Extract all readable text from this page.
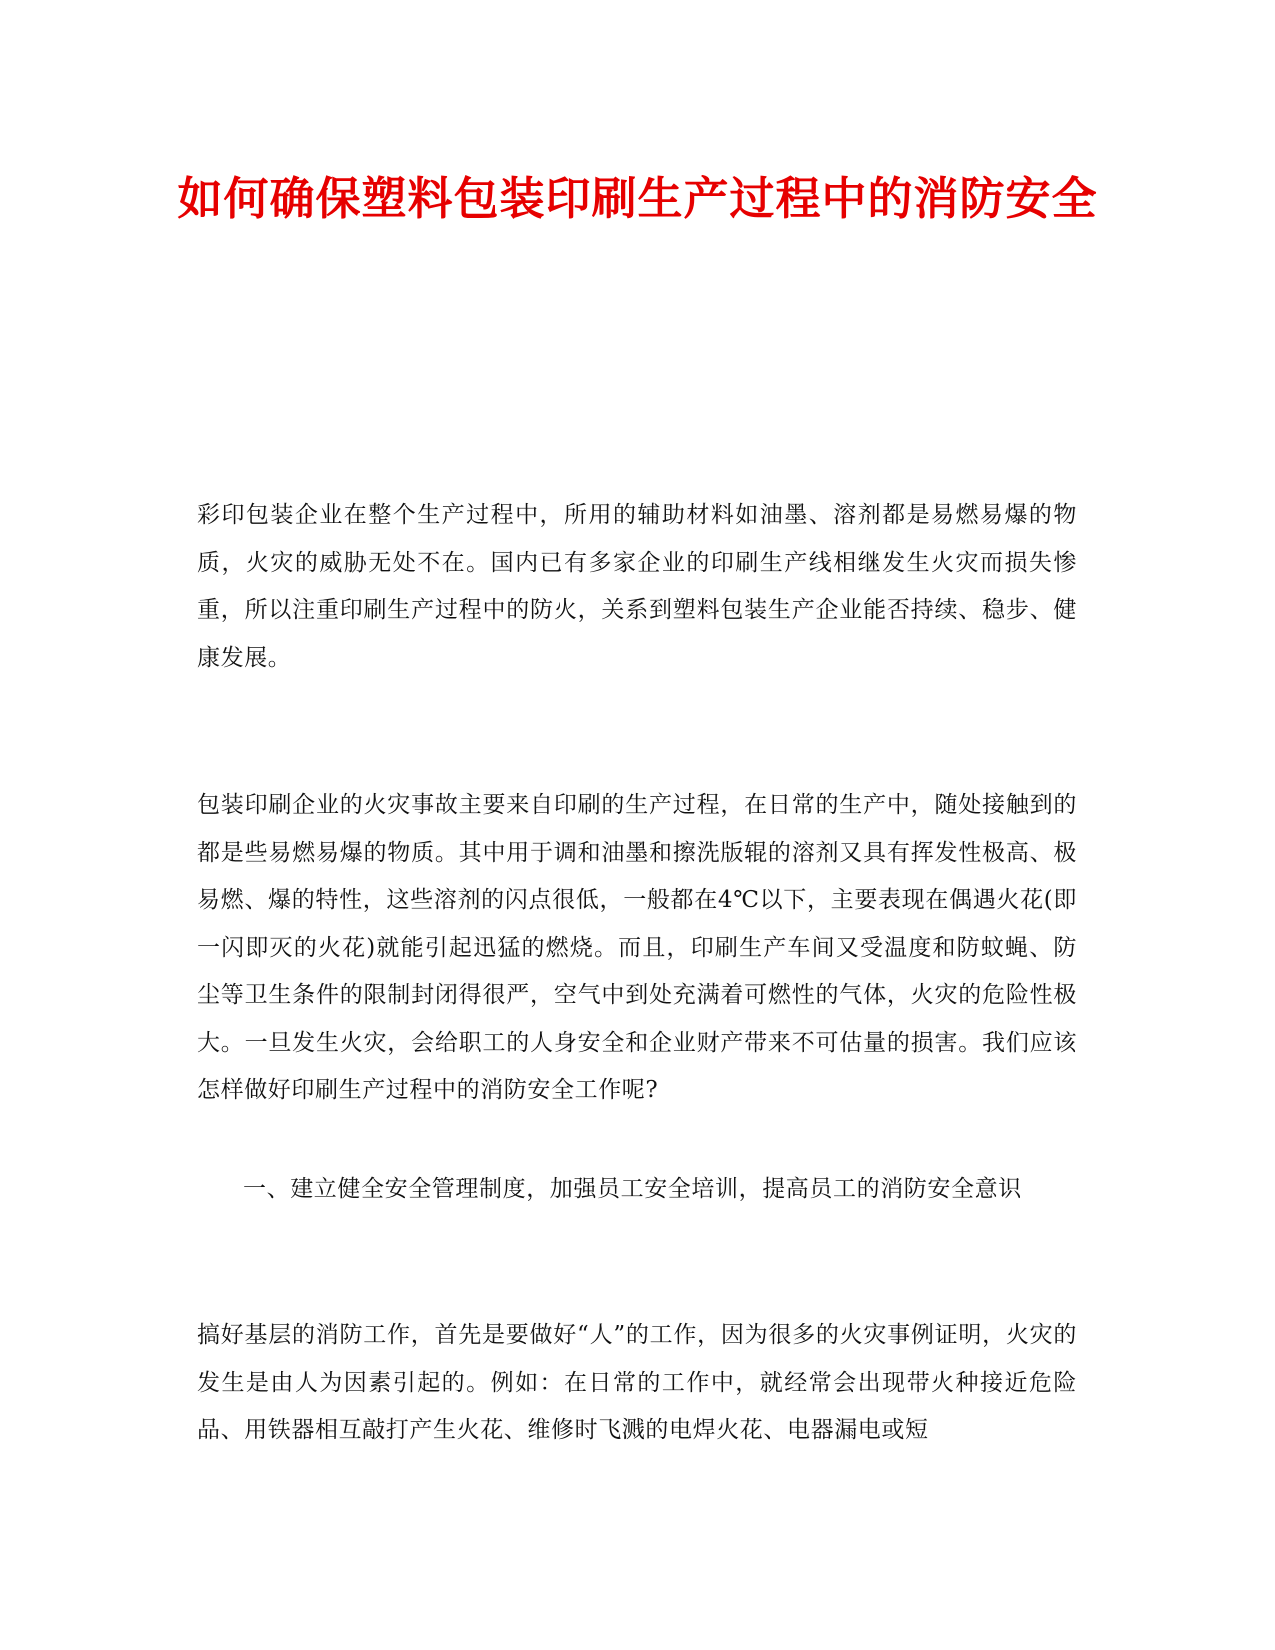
如何确保塑料包装印刷生产过程中的消防安全

彩印包装企业在整个生产过程中，所用的辅助材料如油墨、溶剂都是易燃易爆的物质，火灾的威胁无处不在。国内已有多家企业的印刷生产线相继发生火灾而损失惨重，所以注重印刷生产过程中的防火，关系到塑料包装生产企业能否持续、稳步、健康发展。

包装印刷企业的火灾事故主要来自印刷的生产过程，在日常的生产中，随处接触到的都是些易燃易爆的物质。其中用于调和油墨和擦洗版辊的溶剂又具有挥发性极高、极易燃、爆的特性，这些溶剂的闪点很低，一般都在4℃以下，主要表现在偶遇火花(即一闪即灭的火花)就能引起迅猛的燃烧。而且，印刷生产车间又受温度和防蚊蝇、防尘等卫生条件的限制封闭得很严，空气中到处充满着可燃性的气体，火灾的危险性极大。一旦发生火灾，会给职工的人身安全和企业财产带来不可估量的损害。我们应该怎样做好印刷生产过程中的消防安全工作呢?

一、建立健全安全管理制度，加强员工安全培训，提高员工的消防安全意识

搞好基层的消防工作，首先是要做好“人”的工作，因为很多的火灾事例证明，火灾的发生是由人为因素引起的。例如：在日常的工作中，就经常会出现带火种接近危险品、用铁器相互敲打产生火花、维修时飞溅的电焊火花、电器漏电或短
